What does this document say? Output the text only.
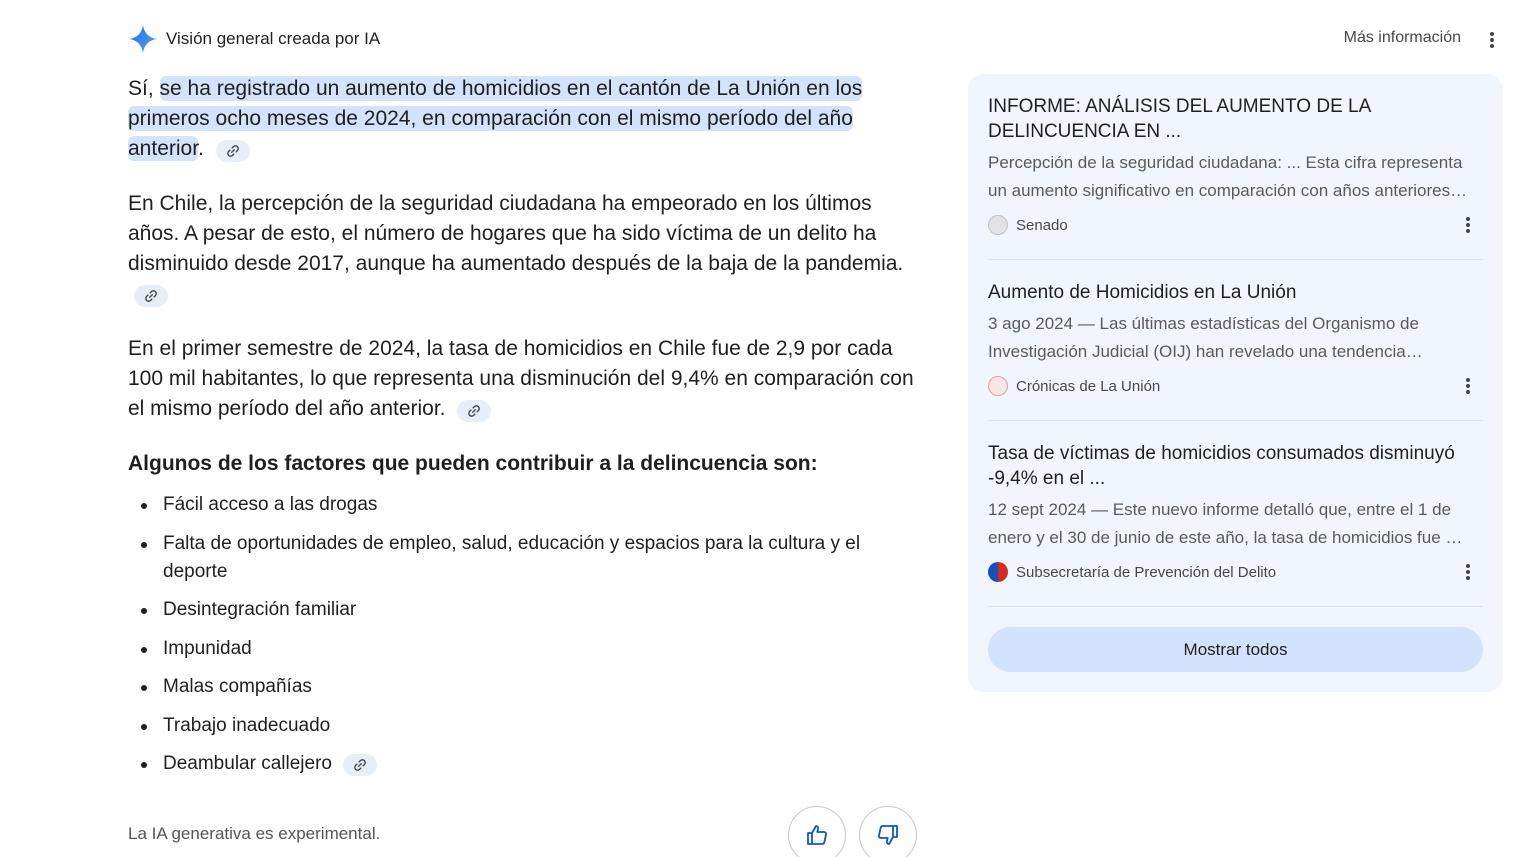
Visión general creada por IA	Más información

Sí, se ha registrado un aumento de homicidios en el cantón de La Unión en los primeros ocho meses de 2024, en comparación con el mismo período del año anterior.

En Chile, la percepción de la seguridad ciudadana ha empeorado en los últimos años. A pesar de esto, el número de hogares que ha sido víctima de un delito ha disminuido desde 2017, aunque ha aumentado después de la baja de la pandemia.

En el primer semestre de 2024, la tasa de homicidios en Chile fue de 2,9 por cada 100 mil habitantes, lo que representa una disminución del 9,4% en comparación con el mismo período del año anterior.

Algunos de los factores que pueden contribuir a la delincuencia son:
Fácil acceso a las drogas
Falta de oportunidades de empleo, salud, educación y espacios para la cultura y el deporte
Desintegración familiar
Impunidad
Malas compañías
Trabajo inadecuado
Deambular callejero
La IA generativa es experimental.
INFORME: ANÁLISIS DEL AUMENTO DE LA DELINCUENCIA EN ...
Percepción de la seguridad ciudadana: ... Esta cifra representa un aumento significativo en comparación con años anteriores…
Senado
Aumento de Homicidios en La Unión
3 ago 2024 — Las últimas estadísticas del Organismo de Investigación Judicial (OIJ) han revelado una tendencia…
Crónicas de La Unión
Tasa de víctimas de homicidios consumados disminuyó -9,4% en el ...
12 sept 2024 — Este nuevo informe detalló que, entre el 1 de enero y el 30 de junio de este año, la tasa de homicidios fue …
Subsecretaría de Prevención del Delito
Mostrar todos
